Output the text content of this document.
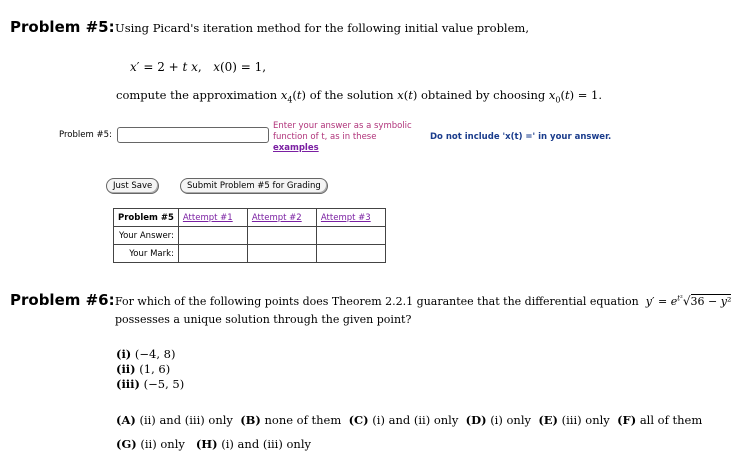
Problem #5: Using Picard's iteration method for the following initial value problem,
x′ = 2 + t x,   x(0) = 1,
compute the approximation $x_4(t)$ of the solution x(t) obtained by choosing $x_0(t) = 1$.
Problem #5:
Enter your answer as a symbolic
function of t, as in these
examples
Do not include 'x(t) =' in your answer.
Just Save	Submit Problem #5 for Grading
Problem #5	Attempt #1	Attempt #2	Attempt #3
Your Answer:			
Your Mark:			
Problem #6: For which of the following points does Theorem 2.2.1 guarantee that the differential equation $y' = e^{t^2}√36 - y^2$
possesses a unique solution through the given point?
(i) (−4, 8)
(ii) (1, 6)
(iii) (−5, 5)
(A) (ii) and (iii) only (B) none of them (C) (i) and (ii) only (D) (i) only (E) (iii) only (F) all of them
(G) (ii) only (H) (i) and (iii) only
